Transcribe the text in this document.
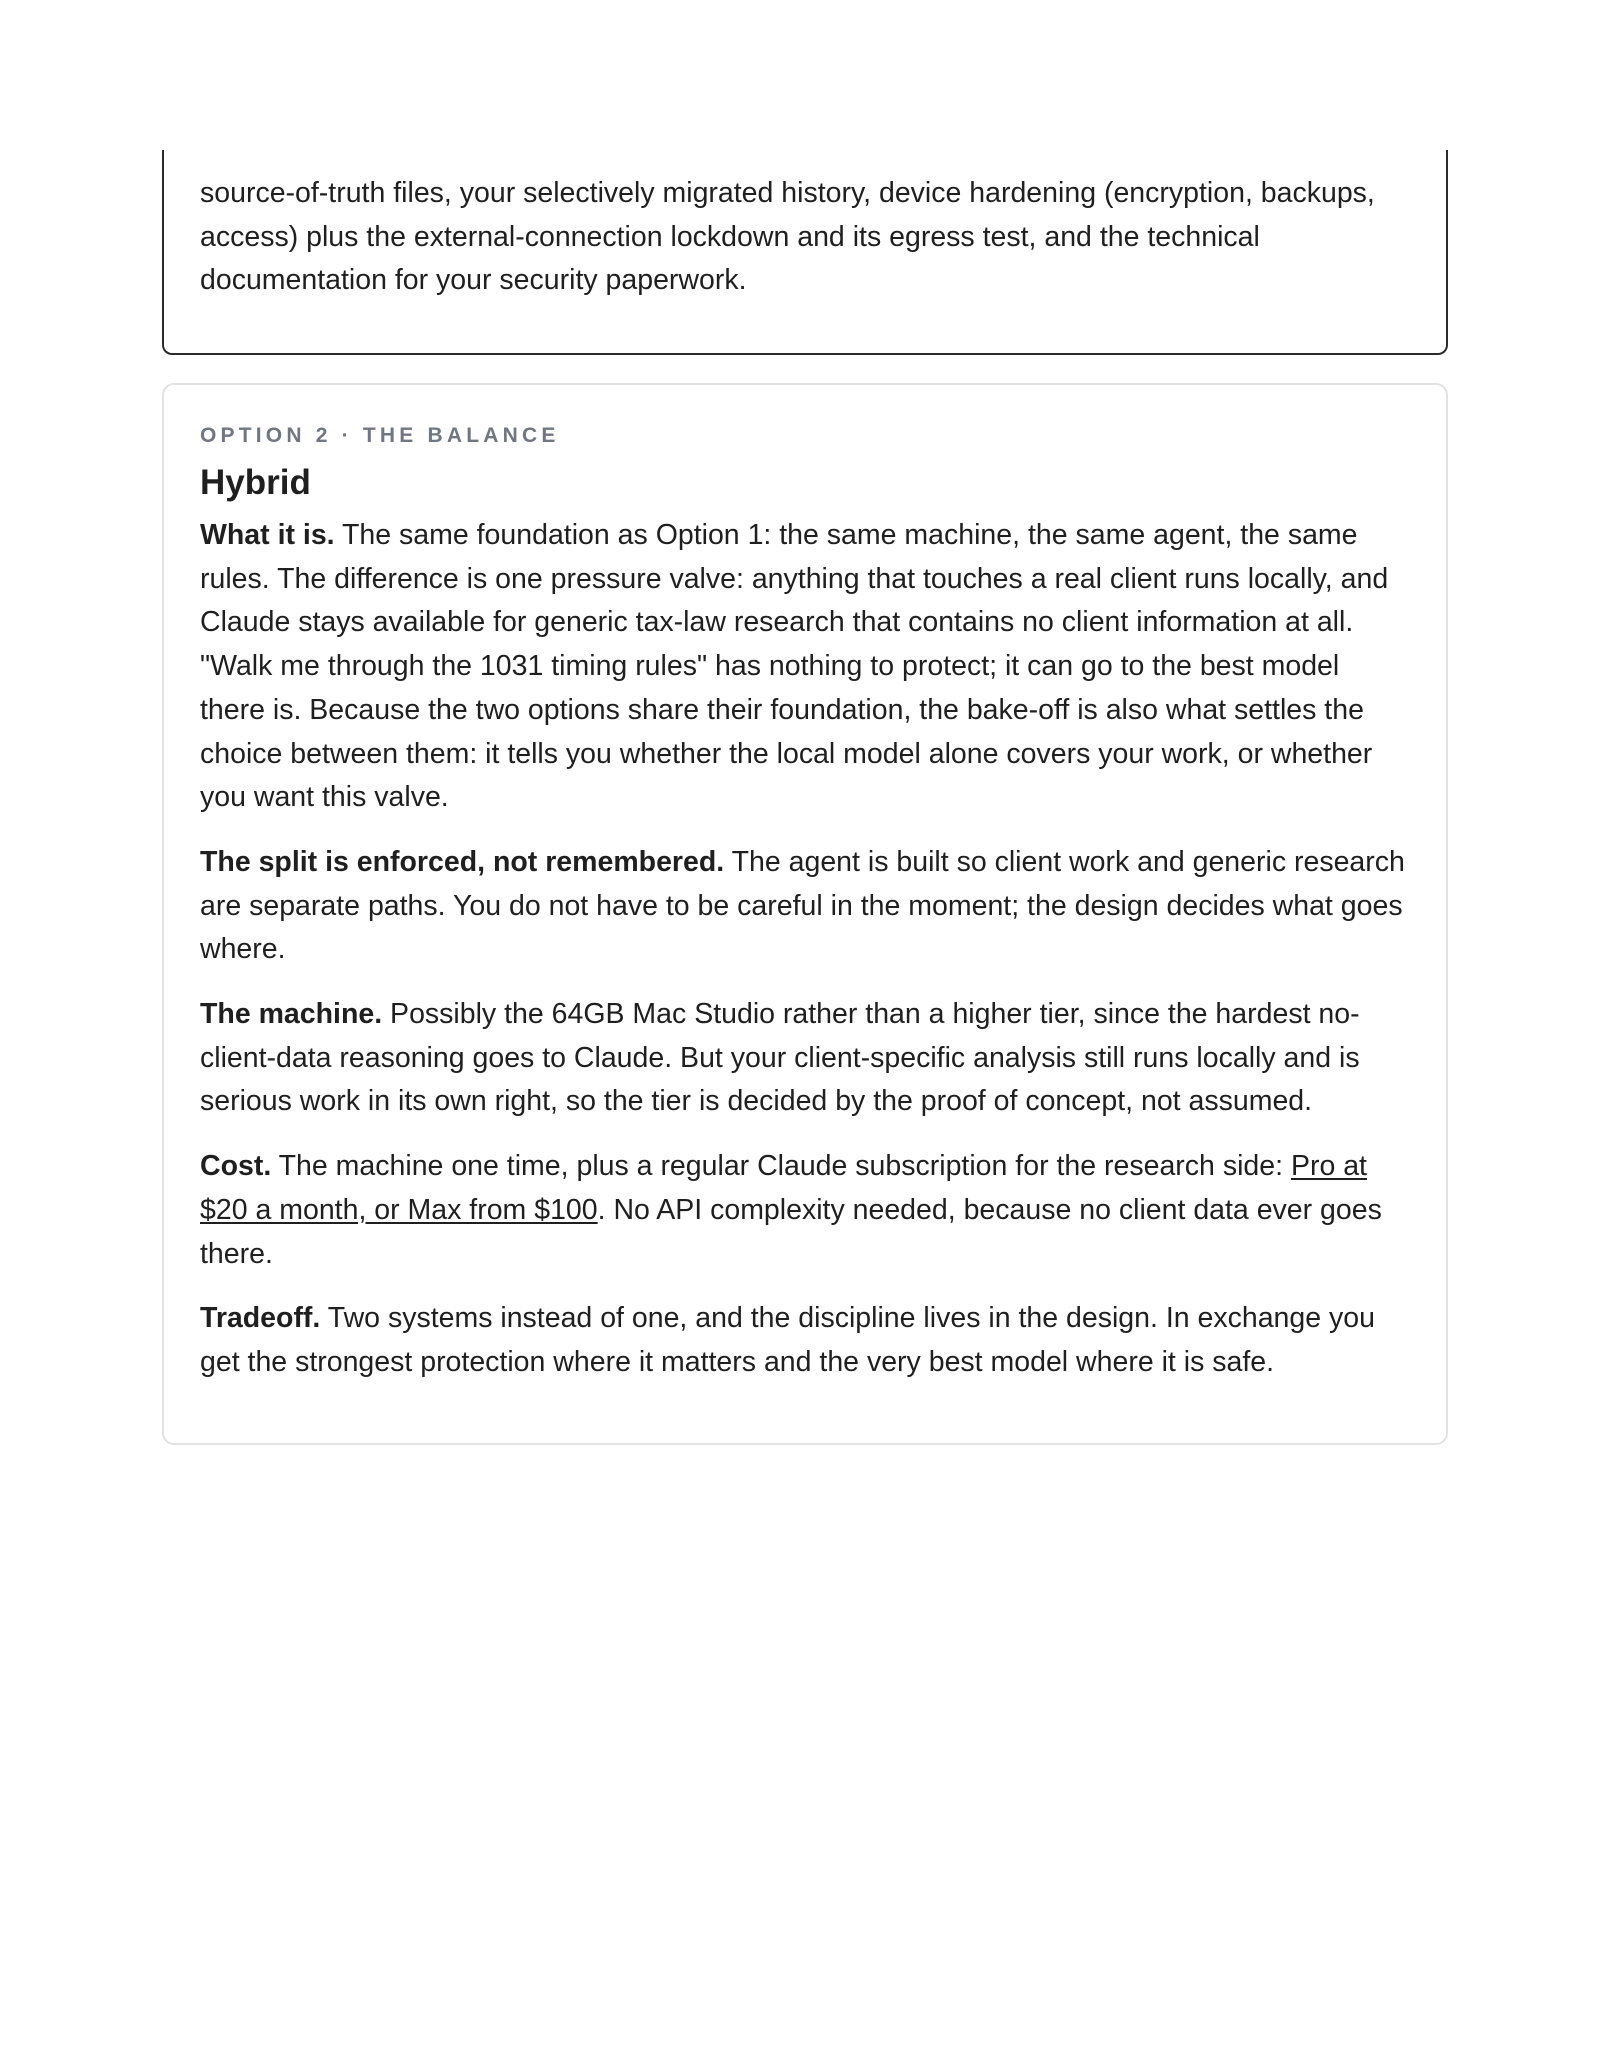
source-of-truth files, your selectively migrated history, device hardening (encryption, backups, access) plus the external-connection lockdown and its egress test, and the technical documentation for your security paperwork.

OPTION 2 · THE BALANCE
Hybrid

What it is. The same foundation as Option 1: the same machine, the same agent, the same rules. The difference is one pressure valve: anything that touches a real client runs locally, and Claude stays available for generic tax-law research that contains no client information at all. "Walk me through the 1031 timing rules" has nothing to protect; it can go to the best model there is. Because the two options share their foundation, the bake-off is also what settles the choice between them: it tells you whether the local model alone covers your work, or whether you want this valve.

The split is enforced, not remembered. The agent is built so client work and generic research are separate paths. You do not have to be careful in the moment; the design decides what goes where.

The machine. Possibly the 64GB Mac Studio rather than a higher tier, since the hardest no-client-data reasoning goes to Claude. But your client-specific analysis still runs locally and is serious work in its own right, so the tier is decided by the proof of concept, not assumed.

Cost. The machine one time, plus a regular Claude subscription for the research side: Pro at $20 a month, or Max from $100. No API complexity needed, because no client data ever goes there.

Tradeoff. Two systems instead of one, and the discipline lives in the design. In exchange you get the strongest protection where it matters and the very best model where it is safe.
